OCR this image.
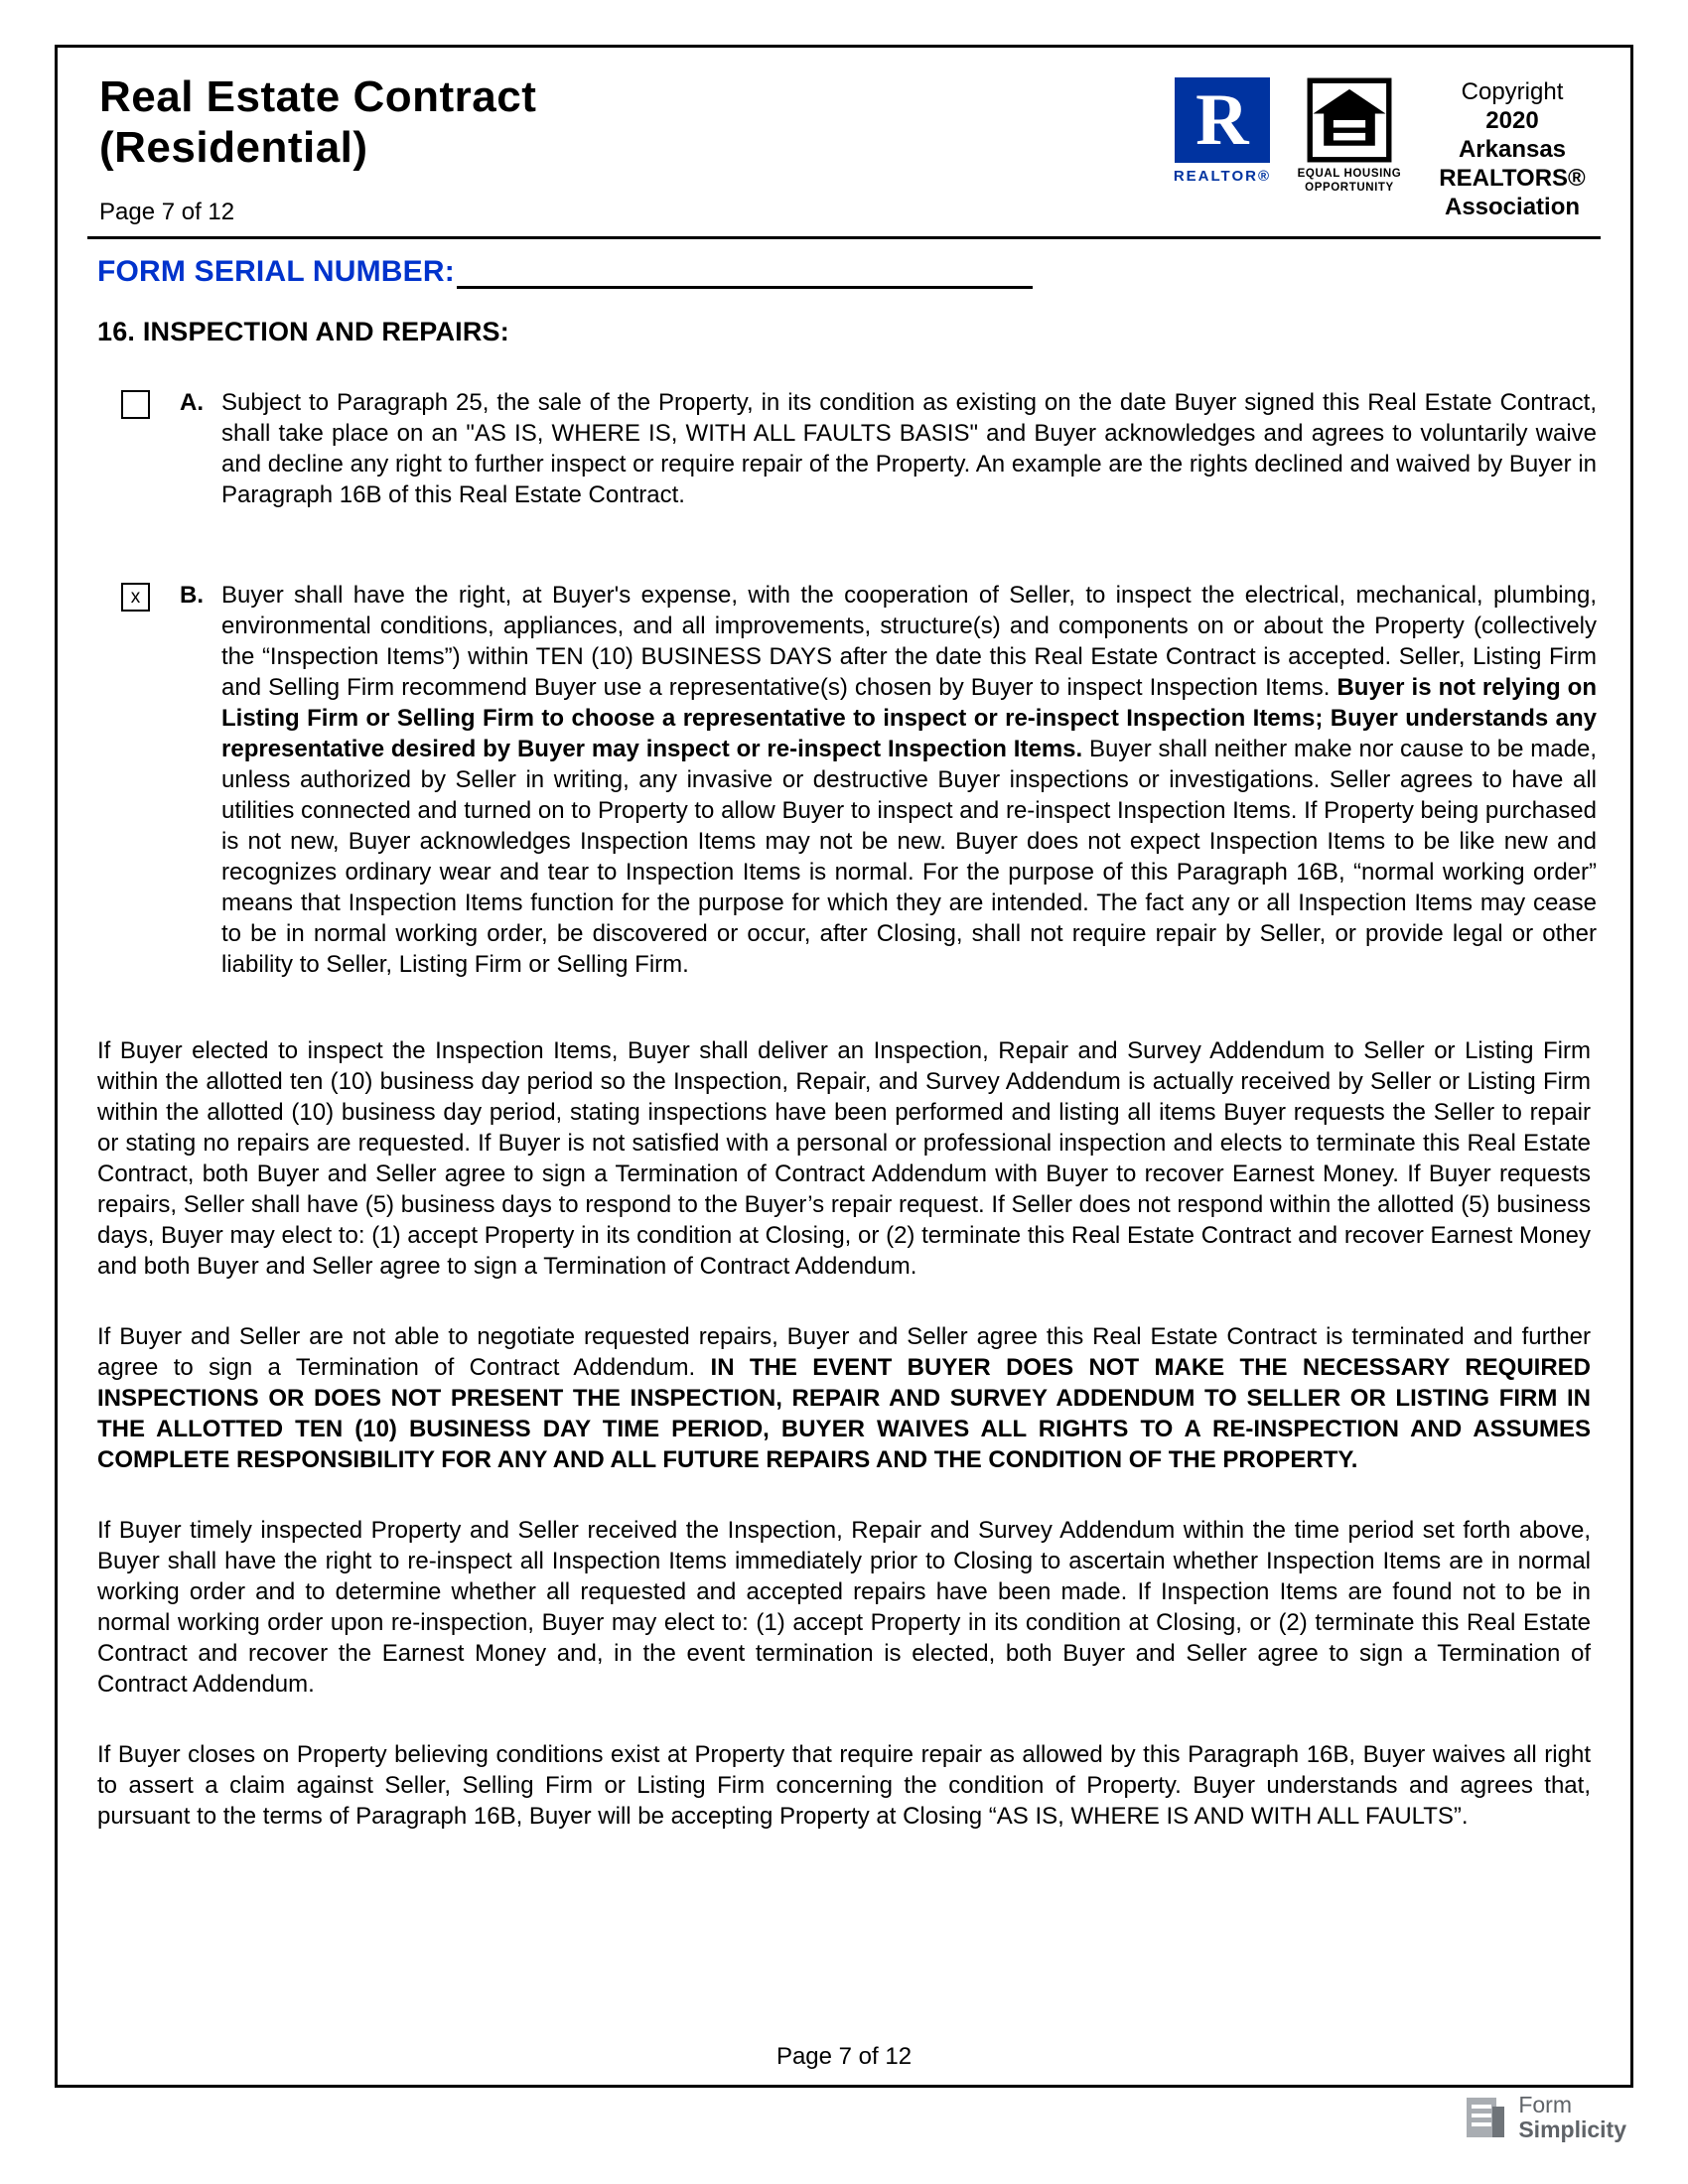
Real Estate Contract
(Residential)
Page 7 of 12
R
REALTOR® EQUAL HOUSING
OPPORTUNITY
Copyright
2020
Arkansas
REALTORS®
Association
FORM SERIAL NUMBER:
16. INSPECTION AND REPAIRS:
A. Subject to Paragraph 25, the sale of the Property, in its condition as existing on the date Buyer signed this Real Estate Contract, shall take place on an "AS IS, WHERE IS, WITH ALL FAULTS BASIS" and Buyer acknowledges and agrees to voluntarily waive and decline any right to further inspect or require repair of the Property. An example are the rights declined and waived by Buyer in Paragraph 16B of this Real Estate Contract.
x B. Buyer shall have the right, at Buyer's expense, with the cooperation of Seller, to inspect the electrical, mechanical, plumbing, environmental conditions, appliances, and all improvements, structure(s) and components on or about the Property (collectively the “Inspection Items”) within TEN (10) BUSINESS DAYS after the date this Real Estate Contract is accepted. Seller, Listing Firm and Selling Firm recommend Buyer use a representative(s) chosen by Buyer to inspect Inspection Items. Buyer is not relying on Listing Firm or Selling Firm to choose a representative to inspect or re-inspect Inspection Items; Buyer understands any representative desired by Buyer may inspect or re-inspect Inspection Items. Buyer shall neither make nor cause to be made, unless authorized by Seller in writing, any invasive or destructive Buyer inspections or investigations. Seller agrees to have all utilities connected and turned on to Property to allow Buyer to inspect and re-inspect Inspection Items. If Property being purchased is not new, Buyer acknowledges Inspection Items may not be new. Buyer does not expect Inspection Items to be like new and recognizes ordinary wear and tear to Inspection Items is normal. For the purpose of this Paragraph 16B, “normal working order” means that Inspection Items function for the purpose for which they are intended. The fact any or all Inspection Items may cease to be in normal working order, be discovered or occur, after Closing, shall not require repair by Seller, or provide legal or other liability to Seller, Listing Firm or Selling Firm.

If Buyer elected to inspect the Inspection Items, Buyer shall deliver an Inspection, Repair and Survey Addendum to Seller or Listing Firm within the allotted ten (10) business day period so the Inspection, Repair, and Survey Addendum is actually received by Seller or Listing Firm within the allotted (10) business day period, stating inspections have been performed and listing all items Buyer requests the Seller to repair or stating no repairs are requested. If Buyer is not satisfied with a personal or professional inspection and elects to terminate this Real Estate Contract, both Buyer and Seller agree to sign a Termination of Contract Addendum with Buyer to recover Earnest Money. If Buyer requests repairs, Seller shall have (5) business days to respond to the Buyer’s repair request. If Seller does not respond within the allotted (5) business days, Buyer may elect to: (1) accept Property in its condition at Closing, or (2) terminate this Real Estate Contract and recover Earnest Money and both Buyer and Seller agree to sign a Termination of Contract Addendum.

If Buyer and Seller are not able to negotiate requested repairs, Buyer and Seller agree this Real Estate Contract is terminated and further agree to sign a Termination of Contract Addendum. IN THE EVENT BUYER DOES NOT MAKE THE NECESSARY REQUIRED INSPECTIONS OR DOES NOT PRESENT THE INSPECTION, REPAIR AND SURVEY ADDENDUM TO SELLER OR LISTING FIRM IN THE ALLOTTED TEN (10) BUSINESS DAY TIME PERIOD, BUYER WAIVES ALL RIGHTS TO A RE-INSPECTION AND ASSUMES COMPLETE RESPONSIBILITY FOR ANY AND ALL FUTURE REPAIRS AND THE CONDITION OF THE PROPERTY.

If Buyer timely inspected Property and Seller received the Inspection, Repair and Survey Addendum within the time period set forth above, Buyer shall have the right to re-inspect all Inspection Items immediately prior to Closing to ascertain whether Inspection Items are in normal working order and to determine whether all requested and accepted repairs have been made. If Inspection Items are found not to be in normal working order upon re-inspection, Buyer may elect to: (1) accept Property in its condition at Closing, or (2) terminate this Real Estate Contract and recover the Earnest Money and, in the event termination is elected, both Buyer and Seller agree to sign a Termination of Contract Addendum.

If Buyer closes on Property believing conditions exist at Property that require repair as allowed by this Paragraph 16B, Buyer waives all right to assert a claim against Seller, Selling Firm or Listing Firm concerning the condition of Property. Buyer understands and agrees that, pursuant to the terms of Paragraph 16B, Buyer will be accepting Property at Closing “AS IS, WHERE IS AND WITH ALL FAULTS”.

Page 7 of 12
Form
Simplicity
